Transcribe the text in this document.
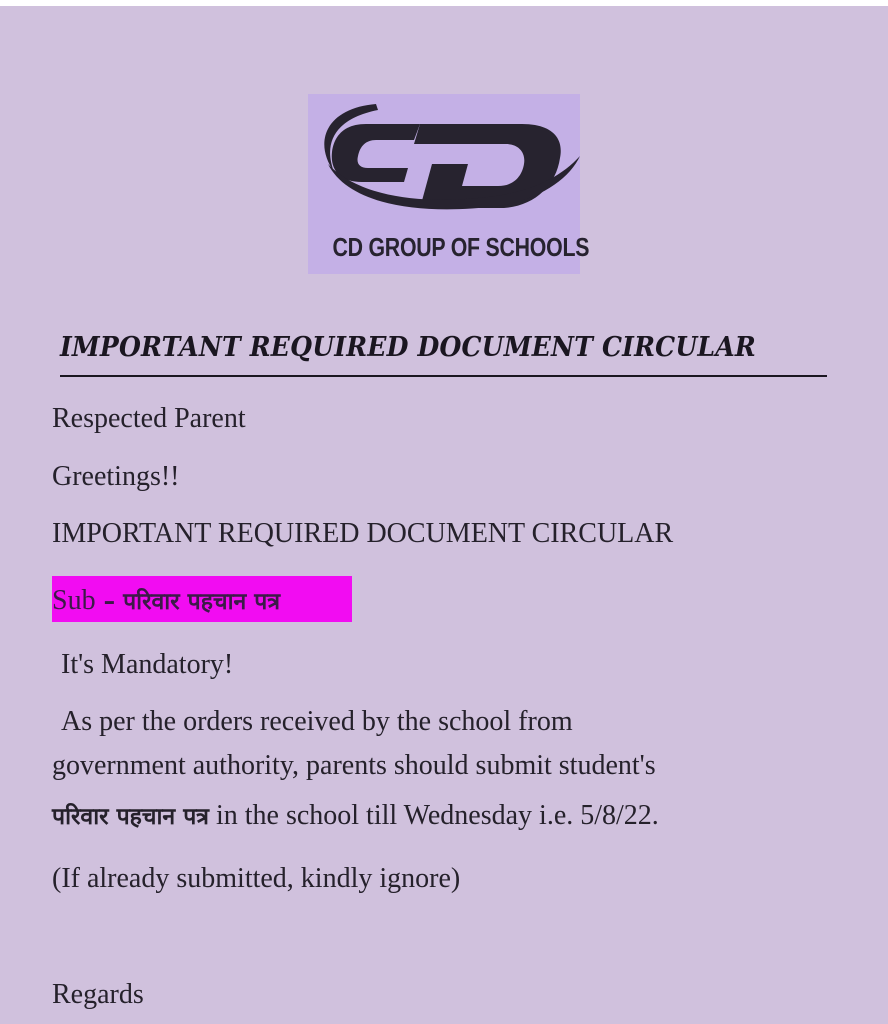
CD GROUP OF SCHOOLS
IMPORTANT REQUIRED DOCUMENT CIRCULAR
Respected Parent
Greetings!!
IMPORTANT REQUIRED DOCUMENT CIRCULAR
Sub – परिवार पहचान पत्र
It's Mandatory!
As per the orders received by the school from
government authority, parents should submit student's
परिवार पहचान पत्र in the school till Wednesday i.e. 5/8/22.
(If already submitted, kindly ignore)
Regards
